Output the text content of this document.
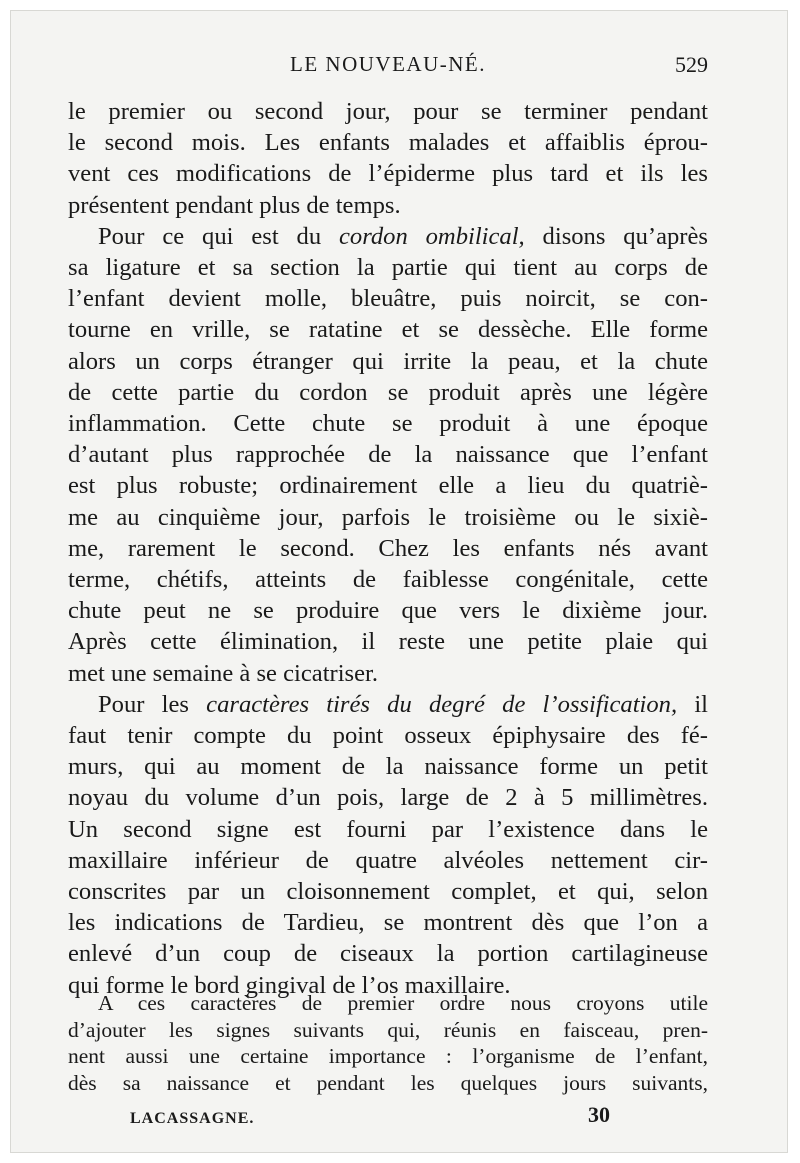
LE NOUVEAU-NÉ.	529
le premier ou second jour, pour se terminer pendant
le second mois. Les enfants malades et affaiblis éprou-
vent ces modifications de l’épiderme plus tard et ils les
présentent pendant plus de temps.
Pour ce qui est du cordon ombilical, disons qu’après
sa ligature et sa section la partie qui tient au corps de
l’enfant devient molle, bleuâtre, puis noircit, se con-
tourne en vrille, se ratatine et se dessèche. Elle forme
alors un corps étranger qui irrite la peau, et la chute
de cette partie du cordon se produit après une légère
inflammation. Cette chute se produit à une époque
d’autant plus rapprochée de la naissance que l’enfant
est plus robuste; ordinairement elle a lieu du quatriè-
me au cinquième jour, parfois le troisième ou le sixiè-
me, rarement le second. Chez les enfants nés avant
terme, chétifs, atteints de faiblesse congénitale, cette
chute peut ne se produire que vers le dixième jour.
Après cette élimination, il reste une petite plaie qui
met une semaine à se cicatriser.
Pour les caractères tirés du degré de l’ossification, il
faut tenir compte du point osseux épiphysaire des fé-
murs, qui au moment de la naissance forme un petit
noyau du volume d’un pois, large de 2 à 5 millimètres.
Un second signe est fourni par l’existence dans le
maxillaire inférieur de quatre alvéoles nettement cir-
conscrites par un cloisonnement complet, et qui, selon
les indications de Tardieu, se montrent dès que l’on a
enlevé d’un coup de ciseaux la portion cartilagineuse
qui forme le bord gingival de l’os maxillaire.
A ces caractères de premier ordre nous croyons utile
d’ajouter les signes suivants qui, réunis en faisceau, pren-
nent aussi une certaine importance : l’organisme de l’enfant,
dès sa naissance et pendant les quelques jours suivants,
LACASSAGNE.	30
